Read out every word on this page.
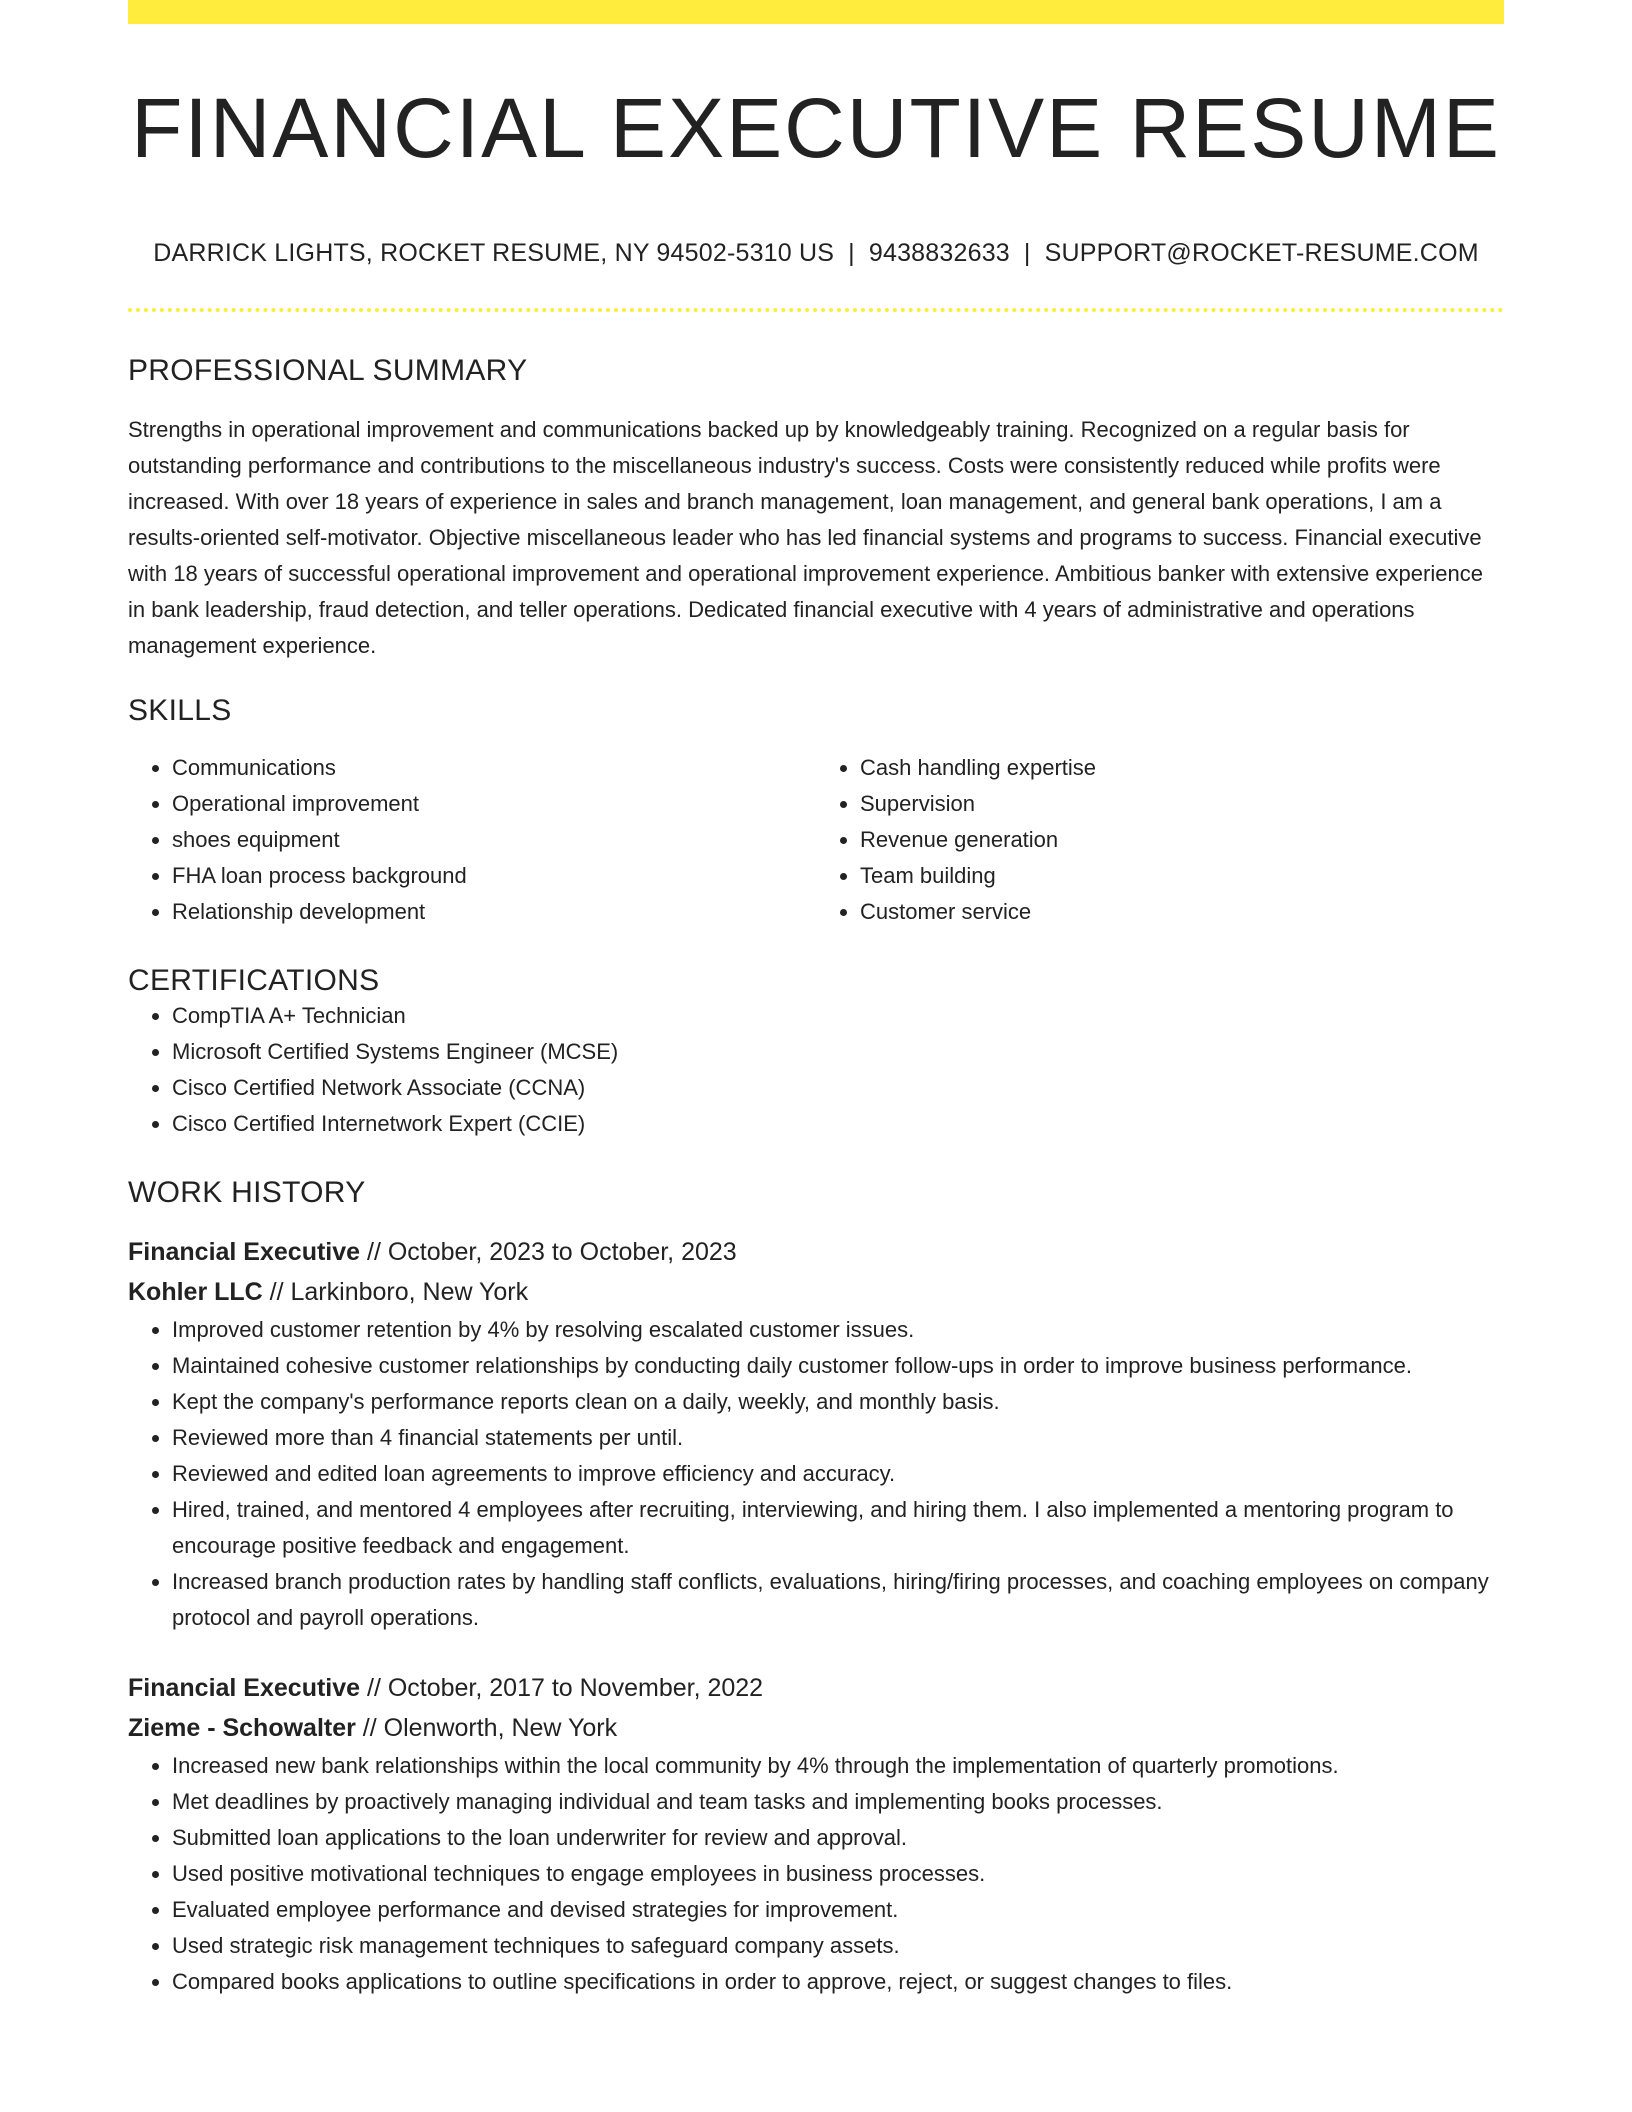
FINANCIAL EXECUTIVE RESUME
DARRICK LIGHTS, ROCKET RESUME, NY 94502-5310 US | 9438832633 | SUPPORT@ROCKET-RESUME.COM
PROFESSIONAL SUMMARY

Strengths in operational improvement and communications backed up by knowledgeably training. Recognized on a regular basis for outstanding performance and contributions to the miscellaneous industry's success. Costs were consistently reduced while profits were increased. With over 18 years of experience in sales and branch management, loan management, and general bank operations, I am a results-oriented self-motivator. Objective miscellaneous leader who has led financial systems and programs to success. Financial executive with 18 years of successful operational improvement and operational improvement experience. Ambitious banker with extensive experience in bank leadership, fraud detection, and teller operations. Dedicated financial executive with 4 years of administrative and operations management experience.

SKILLS
• Communications
• Operational improvement
• shoes equipment
• FHA loan process background
• Relationship development
• Cash handling expertise
• Supervision
• Revenue generation
• Team building
• Customer service
CERTIFICATIONS
• CompTIA A+ Technician
• Microsoft Certified Systems Engineer (MCSE)
• Cisco Certified Network Associate (CCNA)
• Cisco Certified Internetwork Expert (CCIE)
WORK HISTORY
Financial Executive // October, 2023 to October, 2023
Kohler LLC // Larkinboro, New York
• Improved customer retention by 4% by resolving escalated customer issues.
• Maintained cohesive customer relationships by conducting daily customer follow-ups in order to improve business performance.
• Kept the company's performance reports clean on a daily, weekly, and monthly basis.
• Reviewed more than 4 financial statements per until.
• Reviewed and edited loan agreements to improve efficiency and accuracy.
• Hired, trained, and mentored 4 employees after recruiting, interviewing, and hiring them. I also implemented a mentoring program to encourage positive feedback and engagement.
• Increased branch production rates by handling staff conflicts, evaluations, hiring/firing processes, and coaching employees on company protocol and payroll operations.
Financial Executive // October, 2017 to November, 2022
Zieme - Schowalter // Olenworth, New York
• Increased new bank relationships within the local community by 4% through the implementation of quarterly promotions.
• Met deadlines by proactively managing individual and team tasks and implementing books processes.
• Submitted loan applications to the loan underwriter for review and approval.
• Used positive motivational techniques to engage employees in business processes.
• Evaluated employee performance and devised strategies for improvement.
• Used strategic risk management techniques to safeguard company assets.
• Compared books applications to outline specifications in order to approve, reject, or suggest changes to files.
